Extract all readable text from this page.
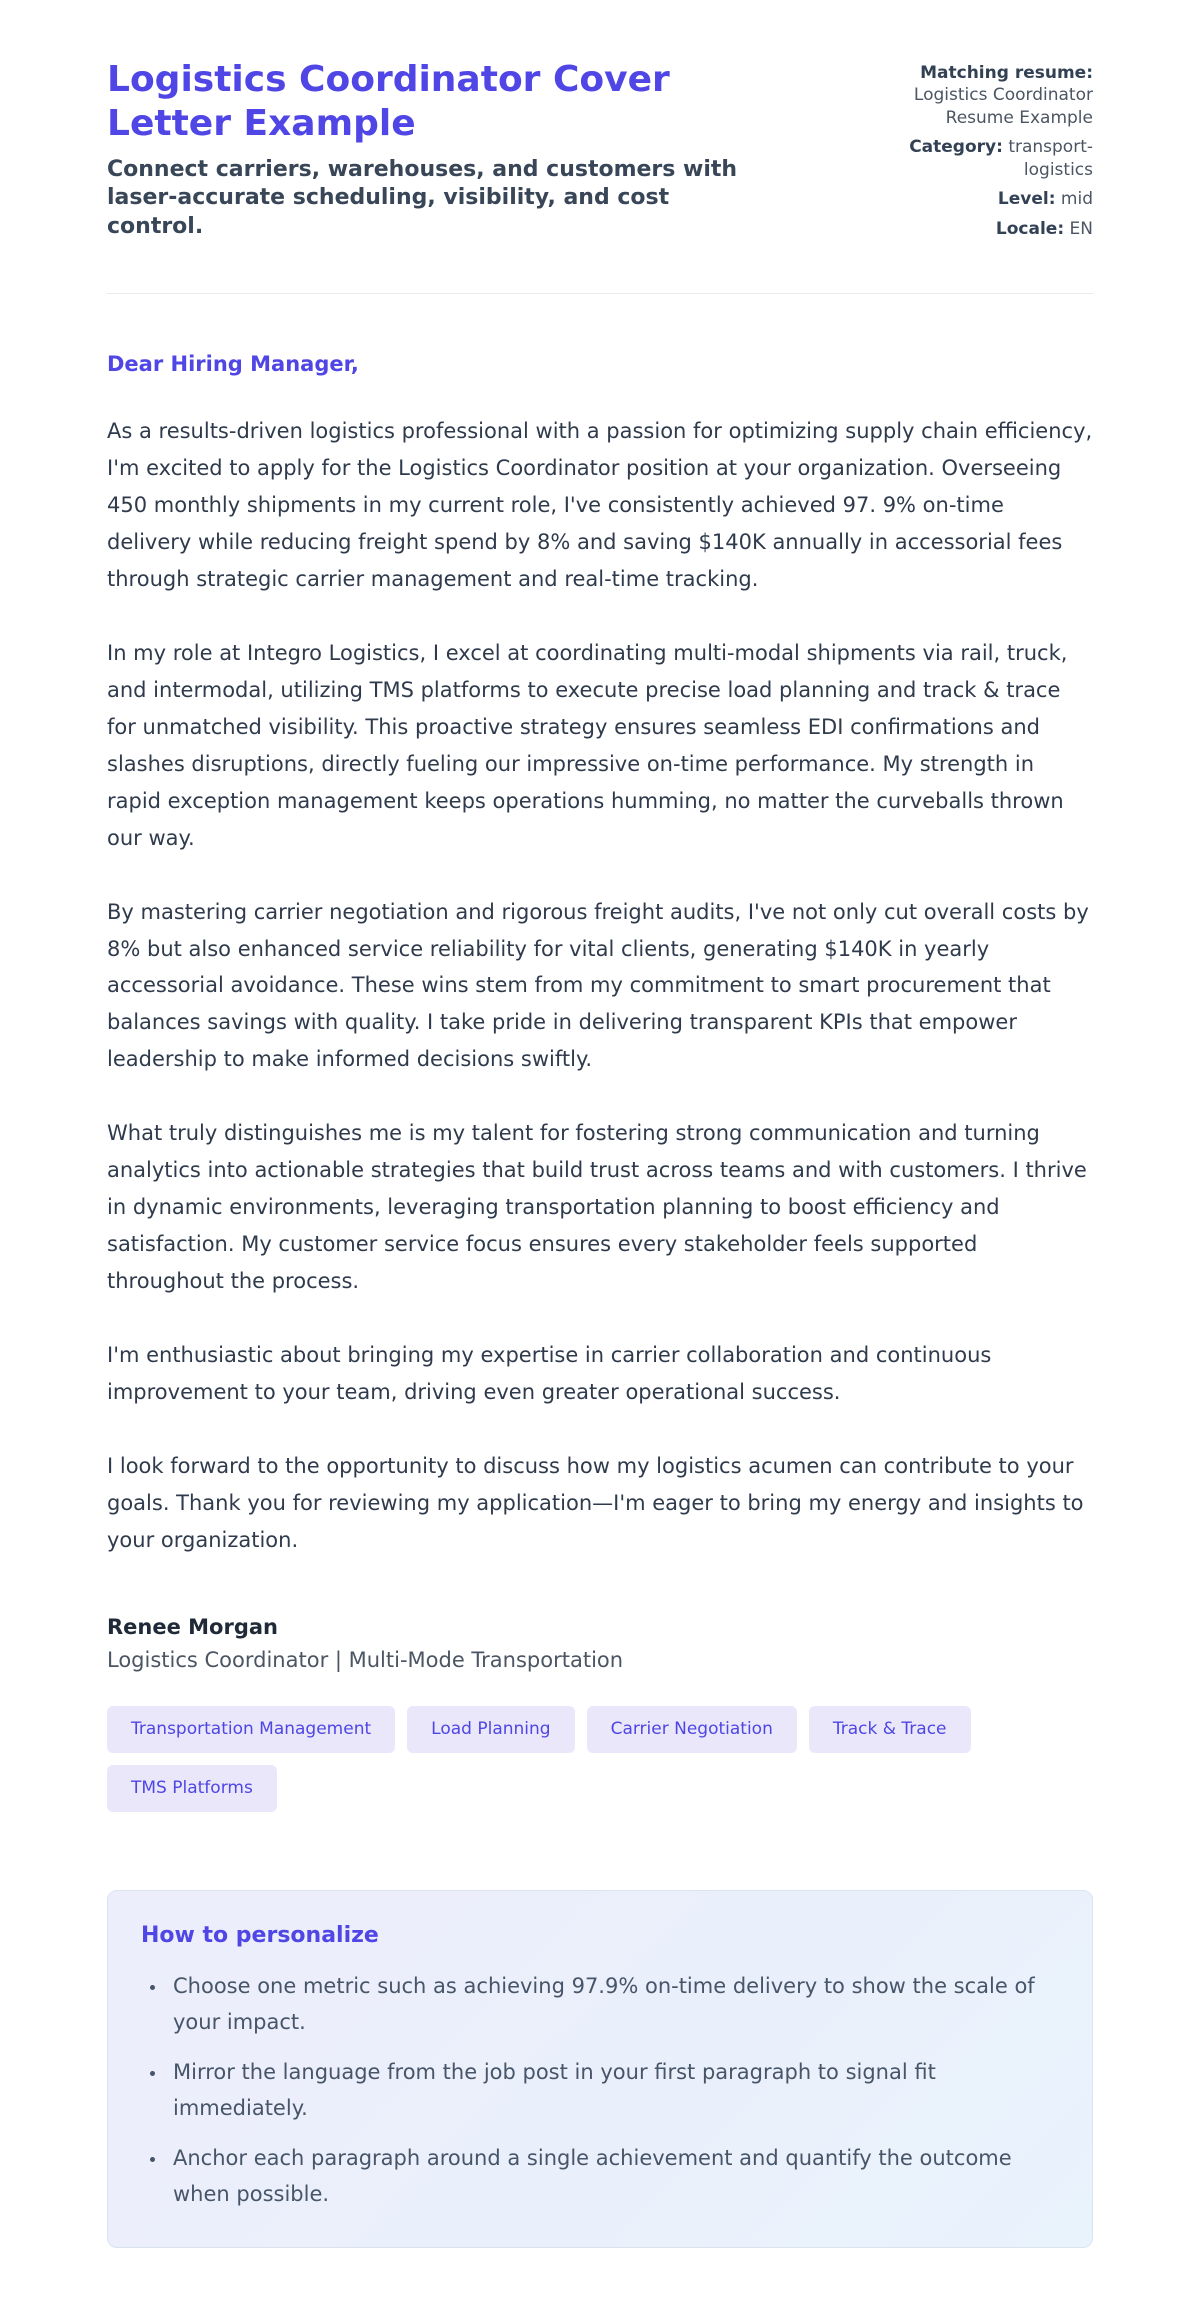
Logistics Coordinator Cover Letter Example

Connect carriers, warehouses, and customers with laser-accurate scheduling, visibility, and cost control.

Matching resume: Logistics Coordinator Resume Example
Category: transport-logistics
Level: mid
Locale: EN

Dear Hiring Manager,

As a results-driven logistics professional with a passion for optimizing supply chain efficiency, I'm excited to apply for the Logistics Coordinator position at your organization. Overseeing 450 monthly shipments in my current role, I've consistently achieved 97. 9% on-time delivery while reducing freight spend by 8% and saving $140K annually in accessorial fees through strategic carrier management and real-time tracking.

In my role at Integro Logistics, I excel at coordinating multi-modal shipments via rail, truck, and intermodal, utilizing TMS platforms to execute precise load planning and track & trace for unmatched visibility. This proactive strategy ensures seamless EDI confirmations and slashes disruptions, directly fueling our impressive on-time performance. My strength in rapid exception management keeps operations humming, no matter the curveballs thrown our way.

By mastering carrier negotiation and rigorous freight audits, I've not only cut overall costs by 8% but also enhanced service reliability for vital clients, generating $140K in yearly accessorial avoidance. These wins stem from my commitment to smart procurement that balances savings with quality. I take pride in delivering transparent KPIs that empower leadership to make informed decisions swiftly.

What truly distinguishes me is my talent for fostering strong communication and turning analytics into actionable strategies that build trust across teams and with customers. I thrive in dynamic environments, leveraging transportation planning to boost efficiency and satisfaction. My customer service focus ensures every stakeholder feels supported throughout the process.

I'm enthusiastic about bringing my expertise in carrier collaboration and continuous improvement to your team, driving even greater operational success.

I look forward to the opportunity to discuss how my logistics acumen can contribute to your goals. Thank you for reviewing my application—I'm eager to bring my energy and insights to your organization.

Renee Morgan

Logistics Coordinator | Multi-Mode Transportation

Transportation Management	Load Planning	Carrier Negotiation	Track & Trace
TMS Platforms
How to personalize
• Choose one metric such as achieving 97.9% on-time delivery to show the scale of your impact.
• Mirror the language from the job post in your first paragraph to signal fit immediately.
• Anchor each paragraph around a single achievement and quantify the outcome when possible.
